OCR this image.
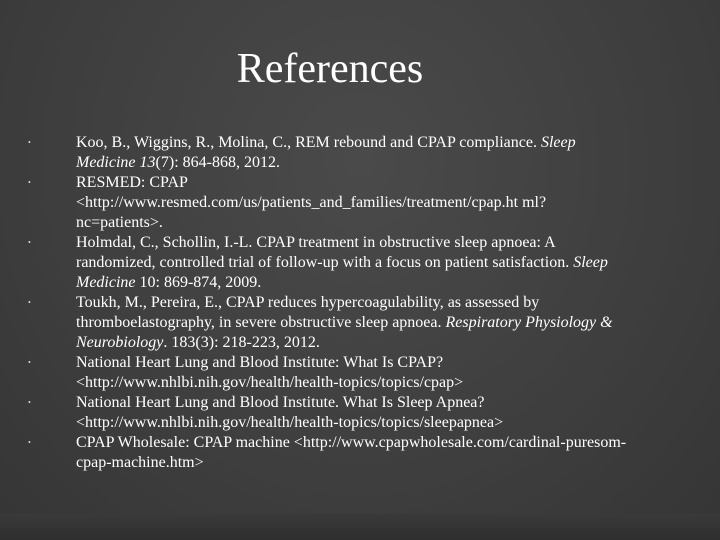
References
•	Koo, B., Wiggins, R., Molina, C., REM rebound and CPAP compliance. Sleep Medicine 13(7): 864-868, 2012.
•	RESMED: CPAP <http://www.resmed.com/us/patients_and_families/treatment/cpap.ht ml?nc=patients>.
•	Holmdal, C., Schollin, I.-L. CPAP treatment in obstructive sleep apnoea: A randomized, controlled trial of follow-up with a focus on patient satisfaction. Sleep Medicine 10: 869-874, 2009.
•	Toukh, M., Pereira, E., CPAP reduces hypercoagulability, as assessed by thromboelastography, in severe obstructive sleep apnoea. Respiratory Physiology & Neurobiology. 183(3): 218-223, 2012.
•	National Heart Lung and Blood Institute: What Is CPAP? <http://www.nhlbi.nih.gov/health/health-topics/topics/cpap>
•	National Heart Lung and Blood Institute. What Is Sleep Apnea? <http://www.nhlbi.nih.gov/health/health-topics/topics/sleepapnea>
•	CPAP Wholesale: CPAP machine <http://www.cpapwholesale.com/cardinal-puresom-cpap-machine.htm>
